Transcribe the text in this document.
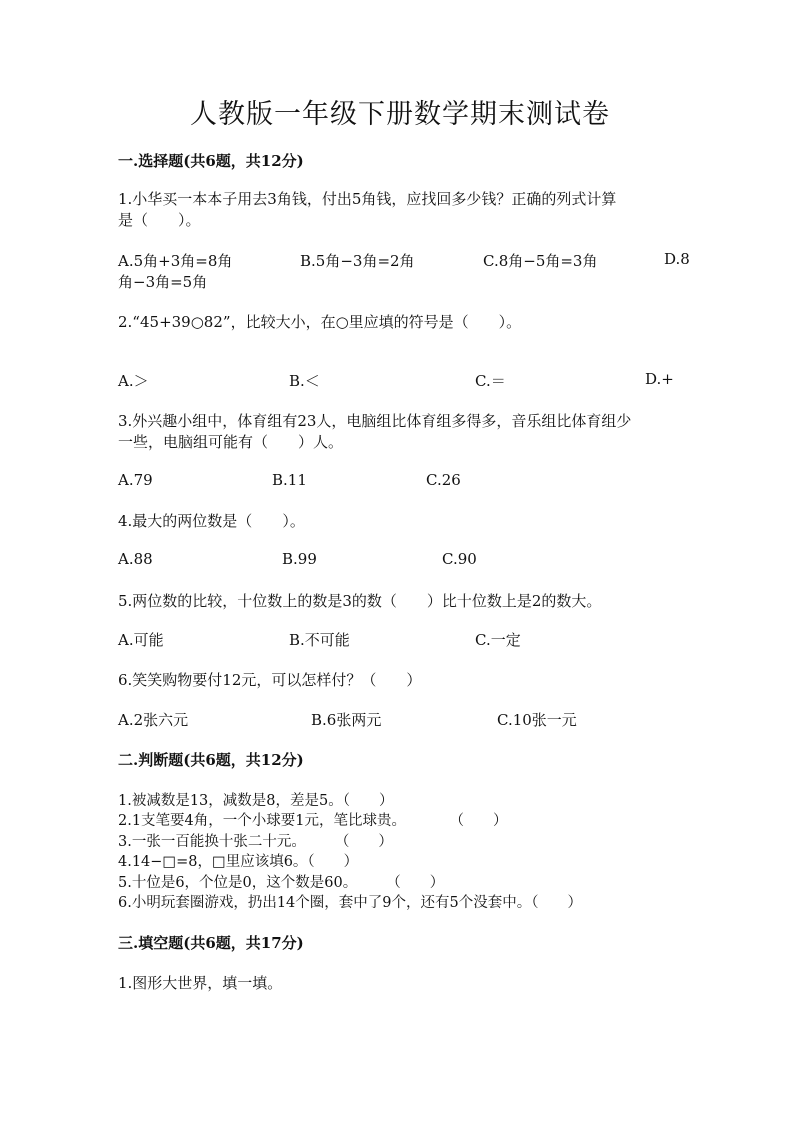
人教版一年级下册数学期末测试卷
一.选择题(共6题，共12分)
1.小华买一本本子用去3角钱，付出5角钱，应找回多少钱？正确的列式计算
是（　　）。
A.5角+3角=8角	B.5角−3角=2角	C.8角−5角=3角	D.8
角−3角=5角
2.“45+39○82”，比较大小，在○里应填的符号是（　　）。
A.＞	B.＜	C.＝	D.+
3.外兴趣小组中，体育组有23人，电脑组比体育组多得多，音乐组比体育组少
一些，电脑组可能有（　　）人。
A.79	B.11	C.26
4.最大的两位数是（　　）。
A.88	B.99	C.90
5.两位数的比较，十位数上的数是3的数（　　）比十位数上是2的数大。
A.可能	B.不可能	C.一定
6.笑笑购物要付12元，可以怎样付？（　　）
A.2张六元	B.6张两元	C.10张一元
二.判断题(共6题，共12分)
1.被减数是13，减数是8，差是5。（　　）
2.1支笔要4角，一个小球要1元，笔比球贵。　　　　（　　）
3.一张一百能换十张二十元。　　　（　　）
4.14−□=8，□里应该填6。（　　）
5.十位是6，个位是0，这个数是60。　　　（　　）
6.小明玩套圈游戏，扔出14个圈，套中了9个，还有5个没套中。（　　）
三.填空题(共6题，共17分)
1.图形大世界，填一填。
